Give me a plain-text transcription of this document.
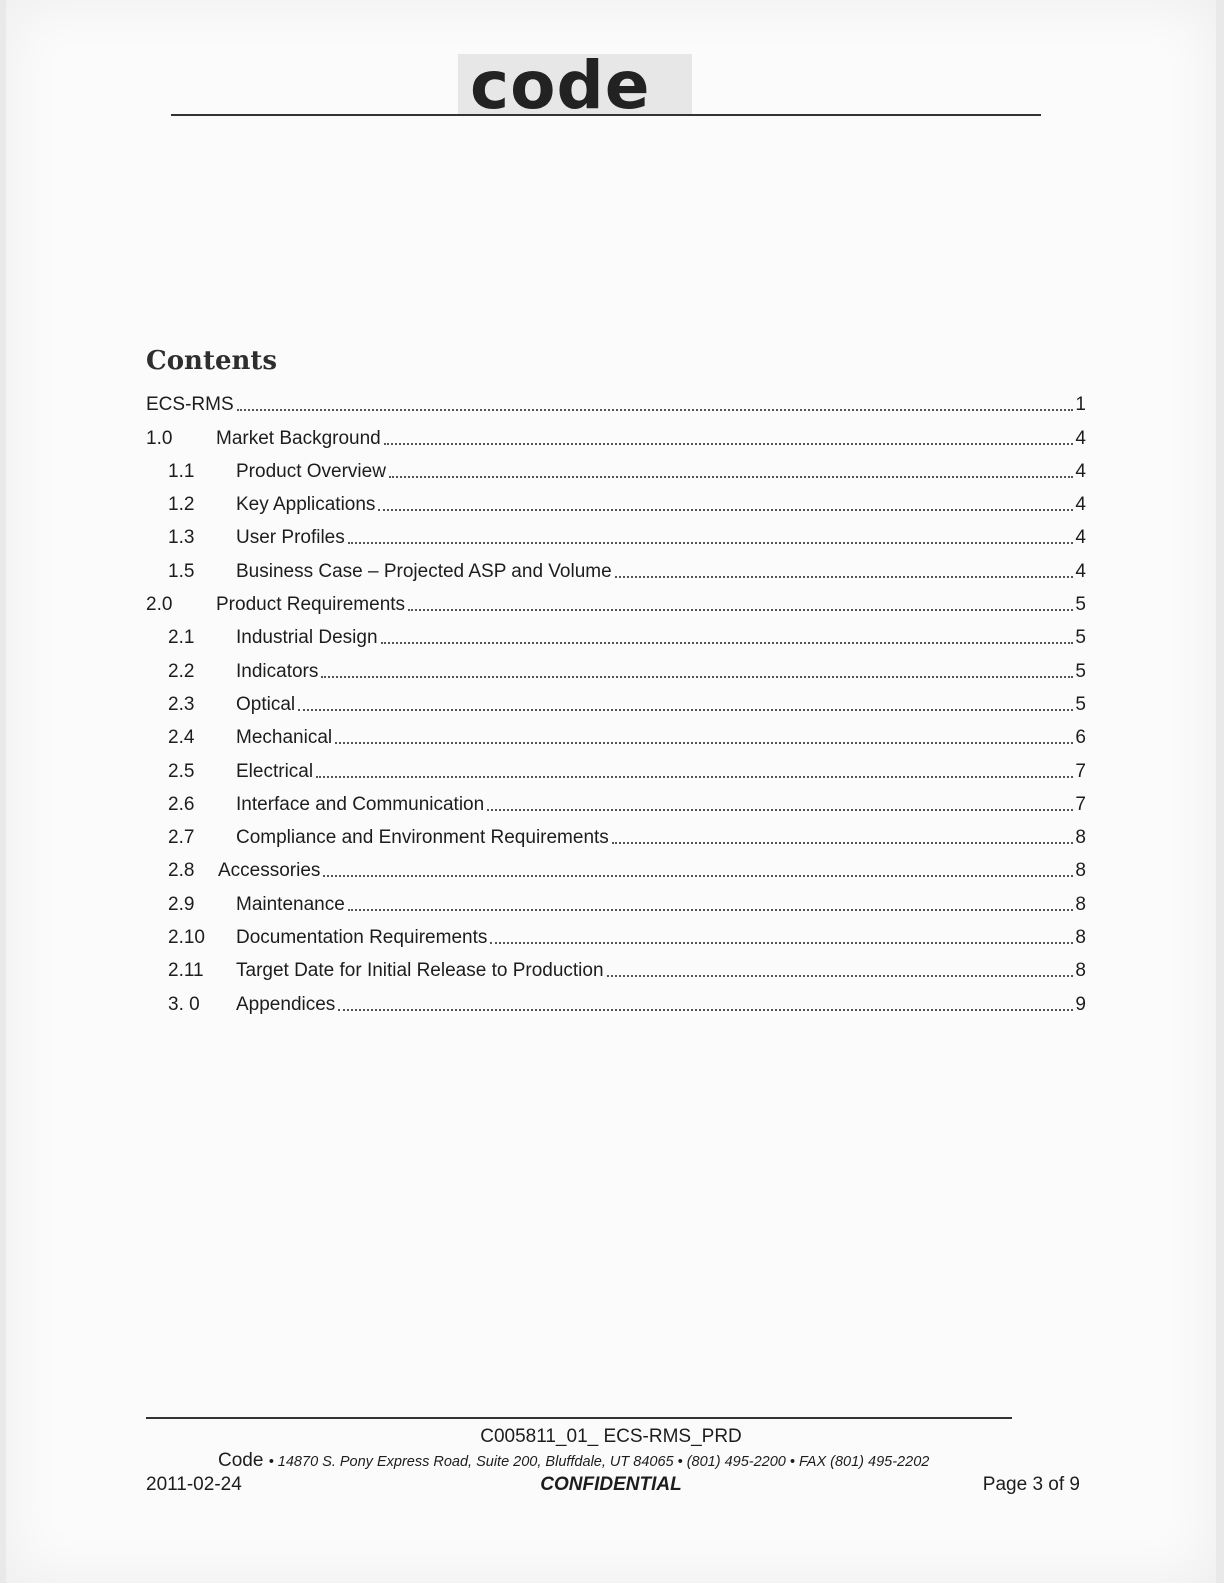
code
Contents
ECS-RMS	1
1.0	Market Background	4
1.1	Product Overview	4
1.2	Key Applications	4
1.3	User Profiles	4
1.5	Business Case – Projected ASP and Volume	4
2.0	Product Requirements	5
2.1	Industrial Design	5
2.2	Indicators	5
2.3	Optical	5
2.4	Mechanical	6
2.5	Electrical	7
2.6	Interface and Communication	7
2.7	Compliance and Environment Requirements	8
2.8	Accessories	8
2.9	Maintenance	8
2.10	Documentation Requirements	8
2.11	Target Date for Initial Release to Production	8
3. 0	Appendices	9
C005811_01_ ECS-RMS_PRD
Code • 14870 S. Pony Express Road, Suite 200, Bluffdale, UT 84065 • (801) 495-2200 • FAX (801) 495-2202
2011-02-24	CONFIDENTIAL	Page 3 of 9
